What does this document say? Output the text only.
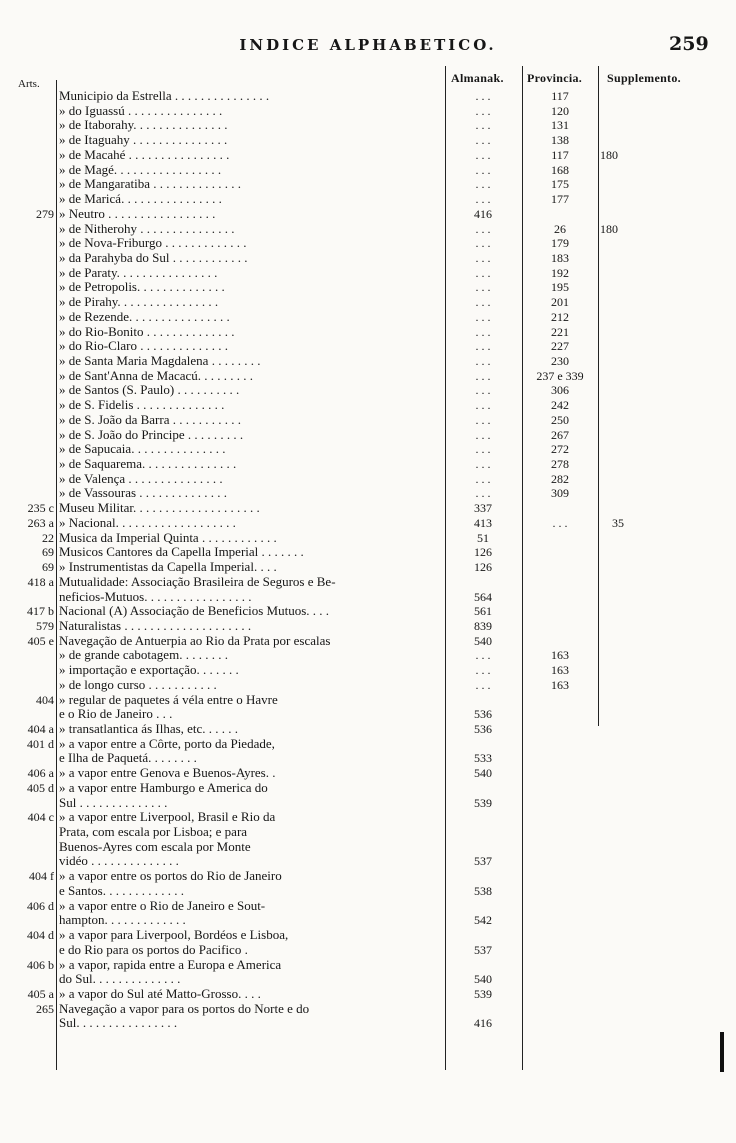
INDICE ALPHABETICO.	259
Arts.	Almanak. Provincia. Supplemento.
Municipio da Estrella . . . . . . . . . . . . . . .	. . .	117
» do Iguassú . . . . . . . . . . . . . . .	. . .	120
» de Itaborahy. . . . . . . . . . . . . . .	. . .	131
» de Itaguahy . . . . . . . . . . . . . . .	. . .	138
» de Macahé . . . . . . . . . . . . . . . .	. . .	117	180
» de Magé. . . . . . . . . . . . . . . . .	. . .	168
» de Mangaratiba . . . . . . . . . . . . . .	. . .	175
» de Maricá. . . . . . . . . . . . . . . .	. . .	177
279 » Neutro . . . . . . . . . . . . . . . . .	416
» de Nitherohy . . . . . . . . . . . . . . .	. . .	26	180
» de Nova-Friburgo . . . . . . . . . . . . .	. . .	179
» da Parahyba do Sul . . . . . . . . . . . .	. . .	183
» de Paraty. . . . . . . . . . . . . . . .	. . .	192
» de Petropolis. . . . . . . . . . . . . .	. . .	195
» de Pirahy. . . . . . . . . . . . . . . .	. . .	201
» de Rezende. . . . . . . . . . . . . . . .	. . .	212
» do Rio-Bonito . . . . . . . . . . . . . .	. . .	221
» do Rio-Claro . . . . . . . . . . . . . .	. . .	227
» de Santa Maria Magdalena . . . . . . . .	. . .	230
» de Sant'Anna de Macacú. . . . . . . . .	. . .	237 e 339
» de Santos (S. Paulo) . . . . . . . . . .	. . .	306
» de S. Fidelis . . . . . . . . . . . . . .	. . .	242
» de S. João da Barra . . . . . . . . . . .	. . .	250
» de S. João do Principe . . . . . . . . .	. . .	267
» de Sapucaia. . . . . . . . . . . . . . .	. . .	272
» de Saquarema. . . . . . . . . . . . . . .	. . .	278
» de Valença . . . . . . . . . . . . . . .	. . .	282
» de Vassouras . . . . . . . . . . . . . .	. . .	309
235 c Museu Militar. . . . . . . . . . . . . . . . . . . .	337
263 a » Nacional. . . . . . . . . . . . . . . . . . .	413	. . .	35
22 Musica da Imperial Quinta . . . . . . . . . . . .	51
69 Musicos Cantores da Capella Imperial . . . . . . .	126
69 » Instrumentistas da Capella Imperial. . . .	126
418 a Mutualidade: Associação Brasileira de Seguros e Be-
neficios-Mutuos. . . . . . . . . . . . . . . . .	564
417 b Nacional (A) Associação de Beneficios Mutuos. . . .	561
579 Naturalistas . . . . . . . . . . . . . . . . . . . .	839
405 e Navegação de Antuerpia ao Rio da Prata por escalas	540
» de grande cabotagem. . . . . . . .	. . .	163
» importação e exportação. . . . . . .	. . .	163
» de longo curso . . . . . . . . . . .	. . .	163
404 » regular de paquetes á véla entre o Havre
e o Rio de Janeiro . . .	536
404 a » transatlantica ás Ilhas, etc. . . . . .	536
401 d » a vapor entre a Côrte, porto da Piedade,
e Ilha de Paquetá. . . . . . . .	533
406 a » a vapor entre Genova e Buenos-Ayres. .	540
405 d » a vapor entre Hamburgo e America do
Sul . . . . . . . . . . . . . .	539
404 c » a vapor entre Liverpool, Brasil e Rio da
Prata, com escala por Lisboa; e para
Buenos-Ayres com escala por Monte
vidéo . . . . . . . . . . . . . .	537
404 f » a vapor entre os portos do Rio de Janeiro
e Santos. . . . . . . . . . . . .	538
406 d » a vapor entre o Rio de Janeiro e Sout-
hampton. . . . . . . . . . . . .	542
404 d » a vapor para Liverpool, Bordéos e Lisboa,
e do Rio para os portos do Pacifico .	537
406 b » a vapor, rapida entre a Europa e America
do Sul. . . . . . . . . . . . . .	540
405 a » a vapor do Sul até Matto-Grosso. . . .	539
265 Navegação a vapor para os portos do Norte e do
Sul. . . . . . . . . . . . . . . .	416
